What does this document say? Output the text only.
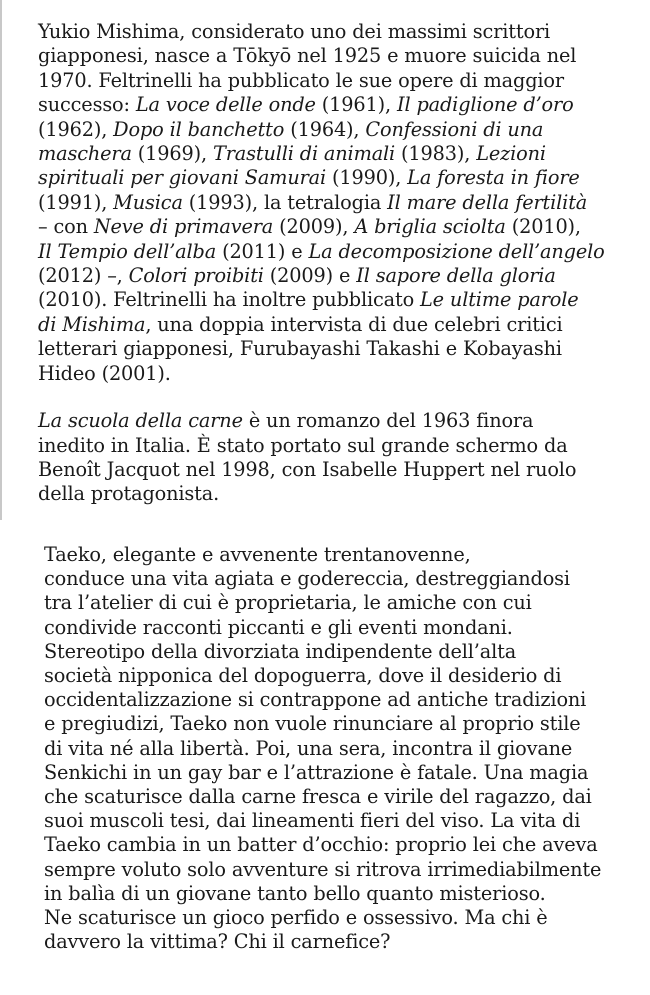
Yukio Mishima, considerato uno dei massimi scrittori
giapponesi, nasce a Tōkyō nel 1925 e muore suicida nel
1970. Feltrinelli ha pubblicato le sue opere di maggior
successo: La voce delle onde (1961), Il padiglione d’oro
(1962), Dopo il banchetto (1964), Confessioni di una
maschera (1969), Trastulli di animali (1983), Lezioni
spirituali per giovani Samurai (1990), La foresta in fiore
(1991), Musica (1993), la tetralogia Il mare della fertilità
– con Neve di primavera (2009), A briglia sciolta (2010),
Il Tempio dell’alba (2011) e La decomposizione dell’angelo
(2012) –, Colori proibiti (2009) e Il sapore della gloria
(2010). Feltrinelli ha inoltre pubblicato Le ultime parole
di Mishima, una doppia intervista di due celebri critici
letterari giapponesi, Furubayashi Takashi e Kobayashi
Hideo (2001).

La scuola della carne è un romanzo del 1963 finora
inedito in Italia. È stato portato sul grande schermo da
Benoît Jacquot nel 1998, con Isabelle Huppert nel ruolo
della protagonista.

Taeko, elegante e avvenente trentanovenne,
conduce una vita agiata e godereccia, destreggiandosi
tra l’atelier di cui è proprietaria, le amiche con cui
condivide racconti piccanti e gli eventi mondani.
Stereotipo della divorziata indipendente dell’alta
società nipponica del dopoguerra, dove il desiderio di
occidentalizzazione si contrappone ad antiche tradizioni
e pregiudizi, Taeko non vuole rinunciare al proprio stile
di vita né alla libertà. Poi, una sera, incontra il giovane
Senkichi in un gay bar e l’attrazione è fatale. Una magia
che scaturisce dalla carne fresca e virile del ragazzo, dai
suoi muscoli tesi, dai lineamenti fieri del viso. La vita di
Taeko cambia in un batter d’occhio: proprio lei che aveva
sempre voluto solo avventure si ritrova irrimediabilmente
in balìa di un giovane tanto bello quanto misterioso.
Ne scaturisce un gioco perfido e ossessivo. Ma chi è
davvero la vittima? Chi il carnefice?
